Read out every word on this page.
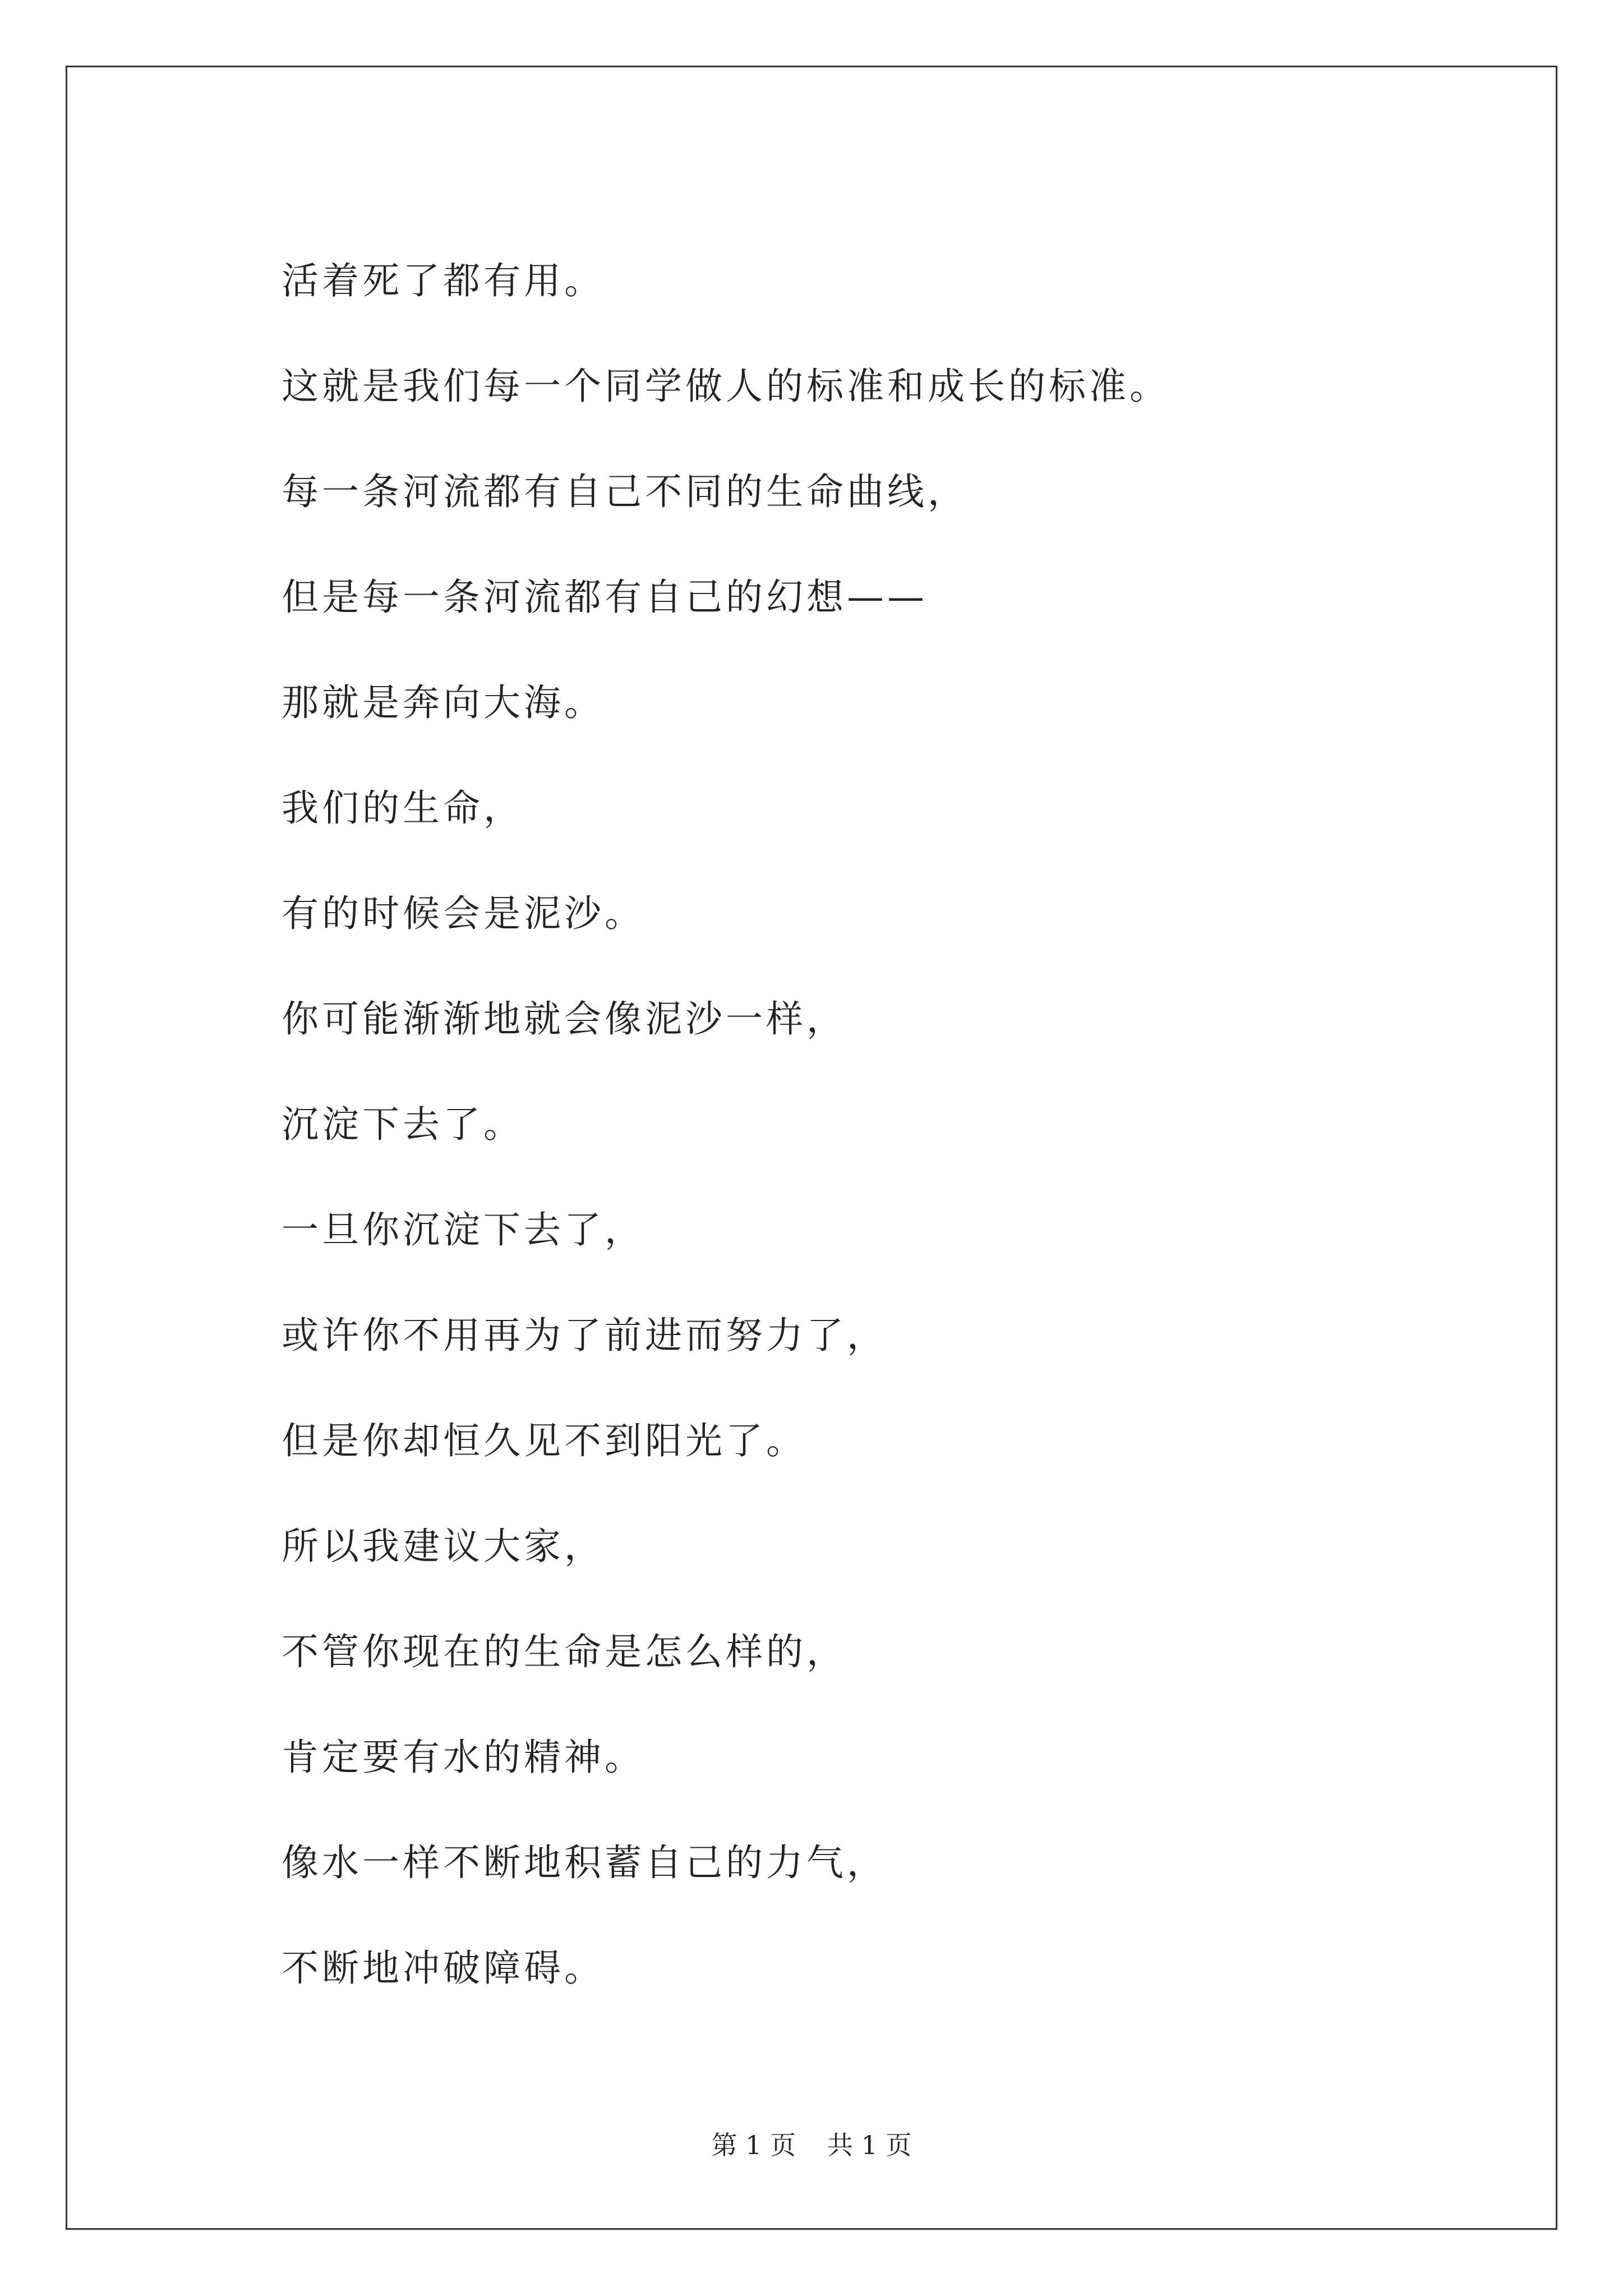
活着死了都有用。
这就是我们每一个同学做人的标准和成长的标准。
每一条河流都有自己不同的生命曲线，
但是每一条河流都有自己的幻想——
那就是奔向大海。
我们的生命，
有的时候会是泥沙。
你可能渐渐地就会像泥沙一样，
沉淀下去了。
一旦你沉淀下去了，
或许你不用再为了前进而努力了，
但是你却恒久见不到阳光了。
所以我建议大家，
不管你现在的生命是怎么样的，
肯定要有水的精神。
像水一样不断地积蓄自己的力气，
不断地冲破障碍。
第 1 页 共 1 页
